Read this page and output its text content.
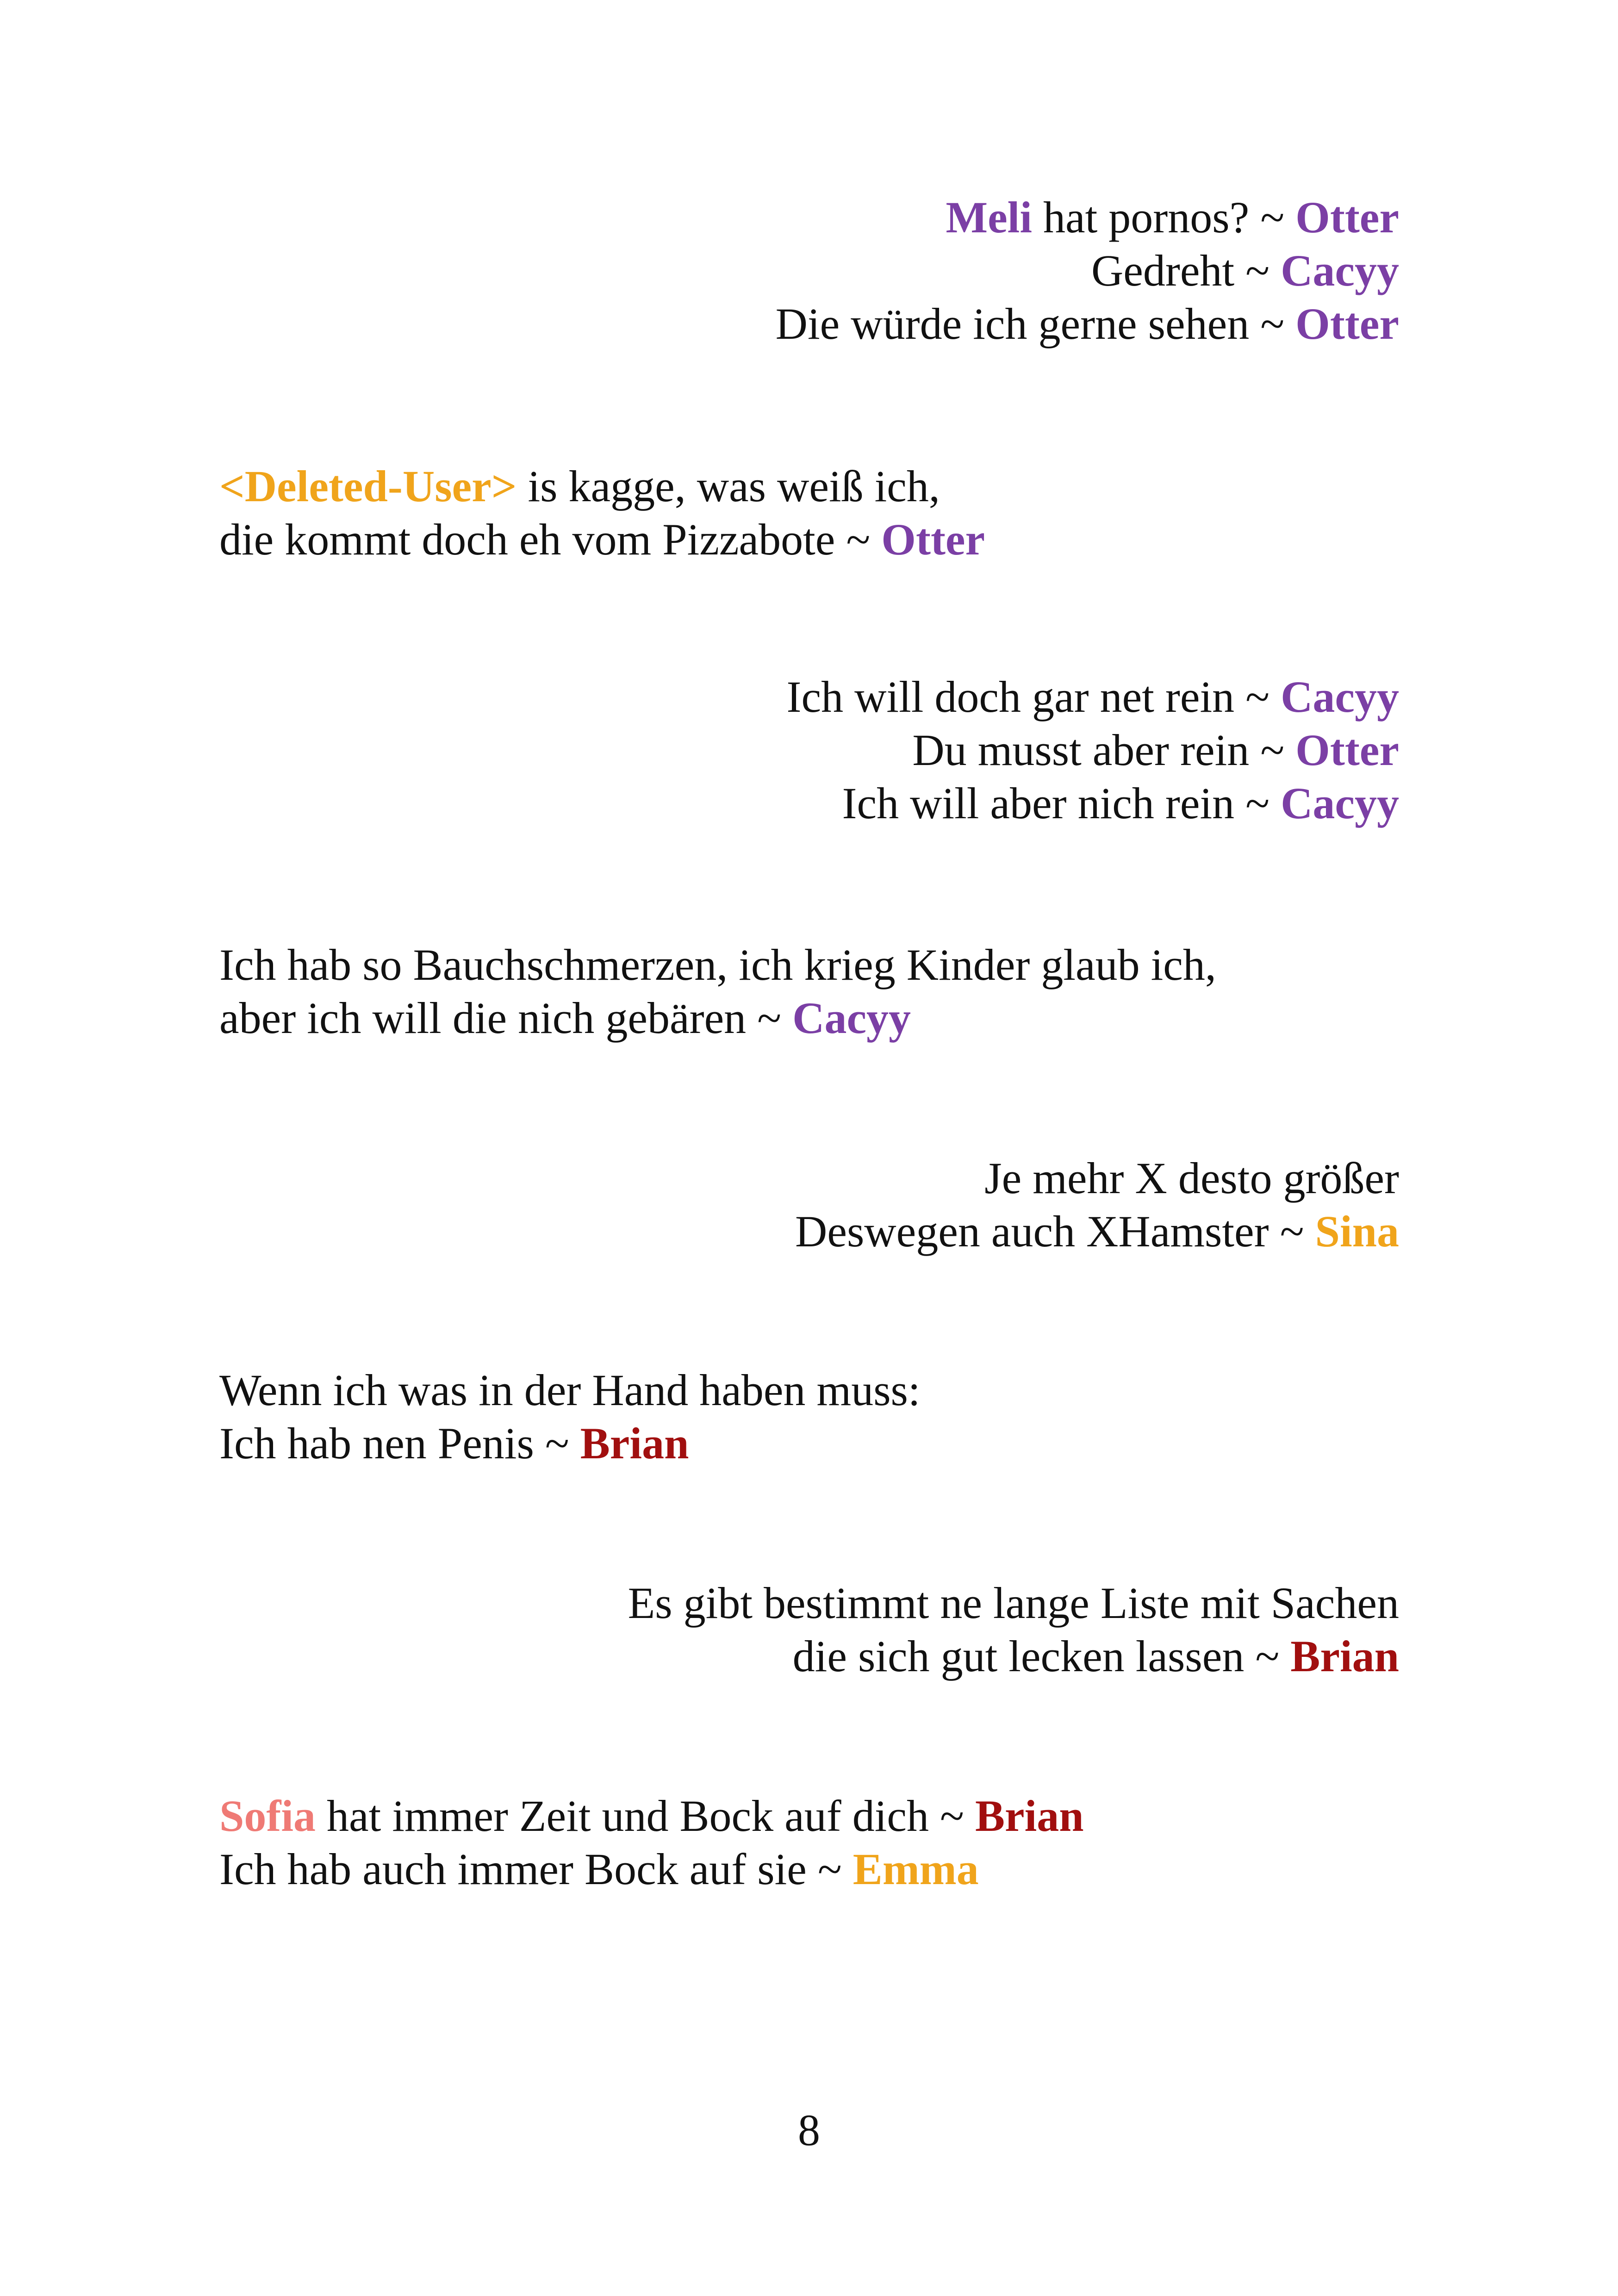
Meli hat pornos? ~ Otter
Gedreht ~ Cacyy
Die würde ich gerne sehen ~ Otter
<Deleted-User> is kagge, was weiß ich,
die kommt doch eh vom Pizzabote ~ Otter
Ich will doch gar net rein ~ Cacyy
Du musst aber rein ~ Otter
Ich will aber nich rein ~ Cacyy
Ich hab so Bauchschmerzen, ich krieg Kinder glaub ich,
aber ich will die nich gebären ~ Cacyy
Je mehr X desto größer
Deswegen auch XHamster ~ Sina
Wenn ich was in der Hand haben muss:
Ich hab nen Penis ~ Brian
Es gibt bestimmt ne lange Liste mit Sachen
die sich gut lecken lassen ~ Brian
Sofia hat immer Zeit und Bock auf dich ~ Brian
Ich hab auch immer Bock auf sie ~ Emma
8
